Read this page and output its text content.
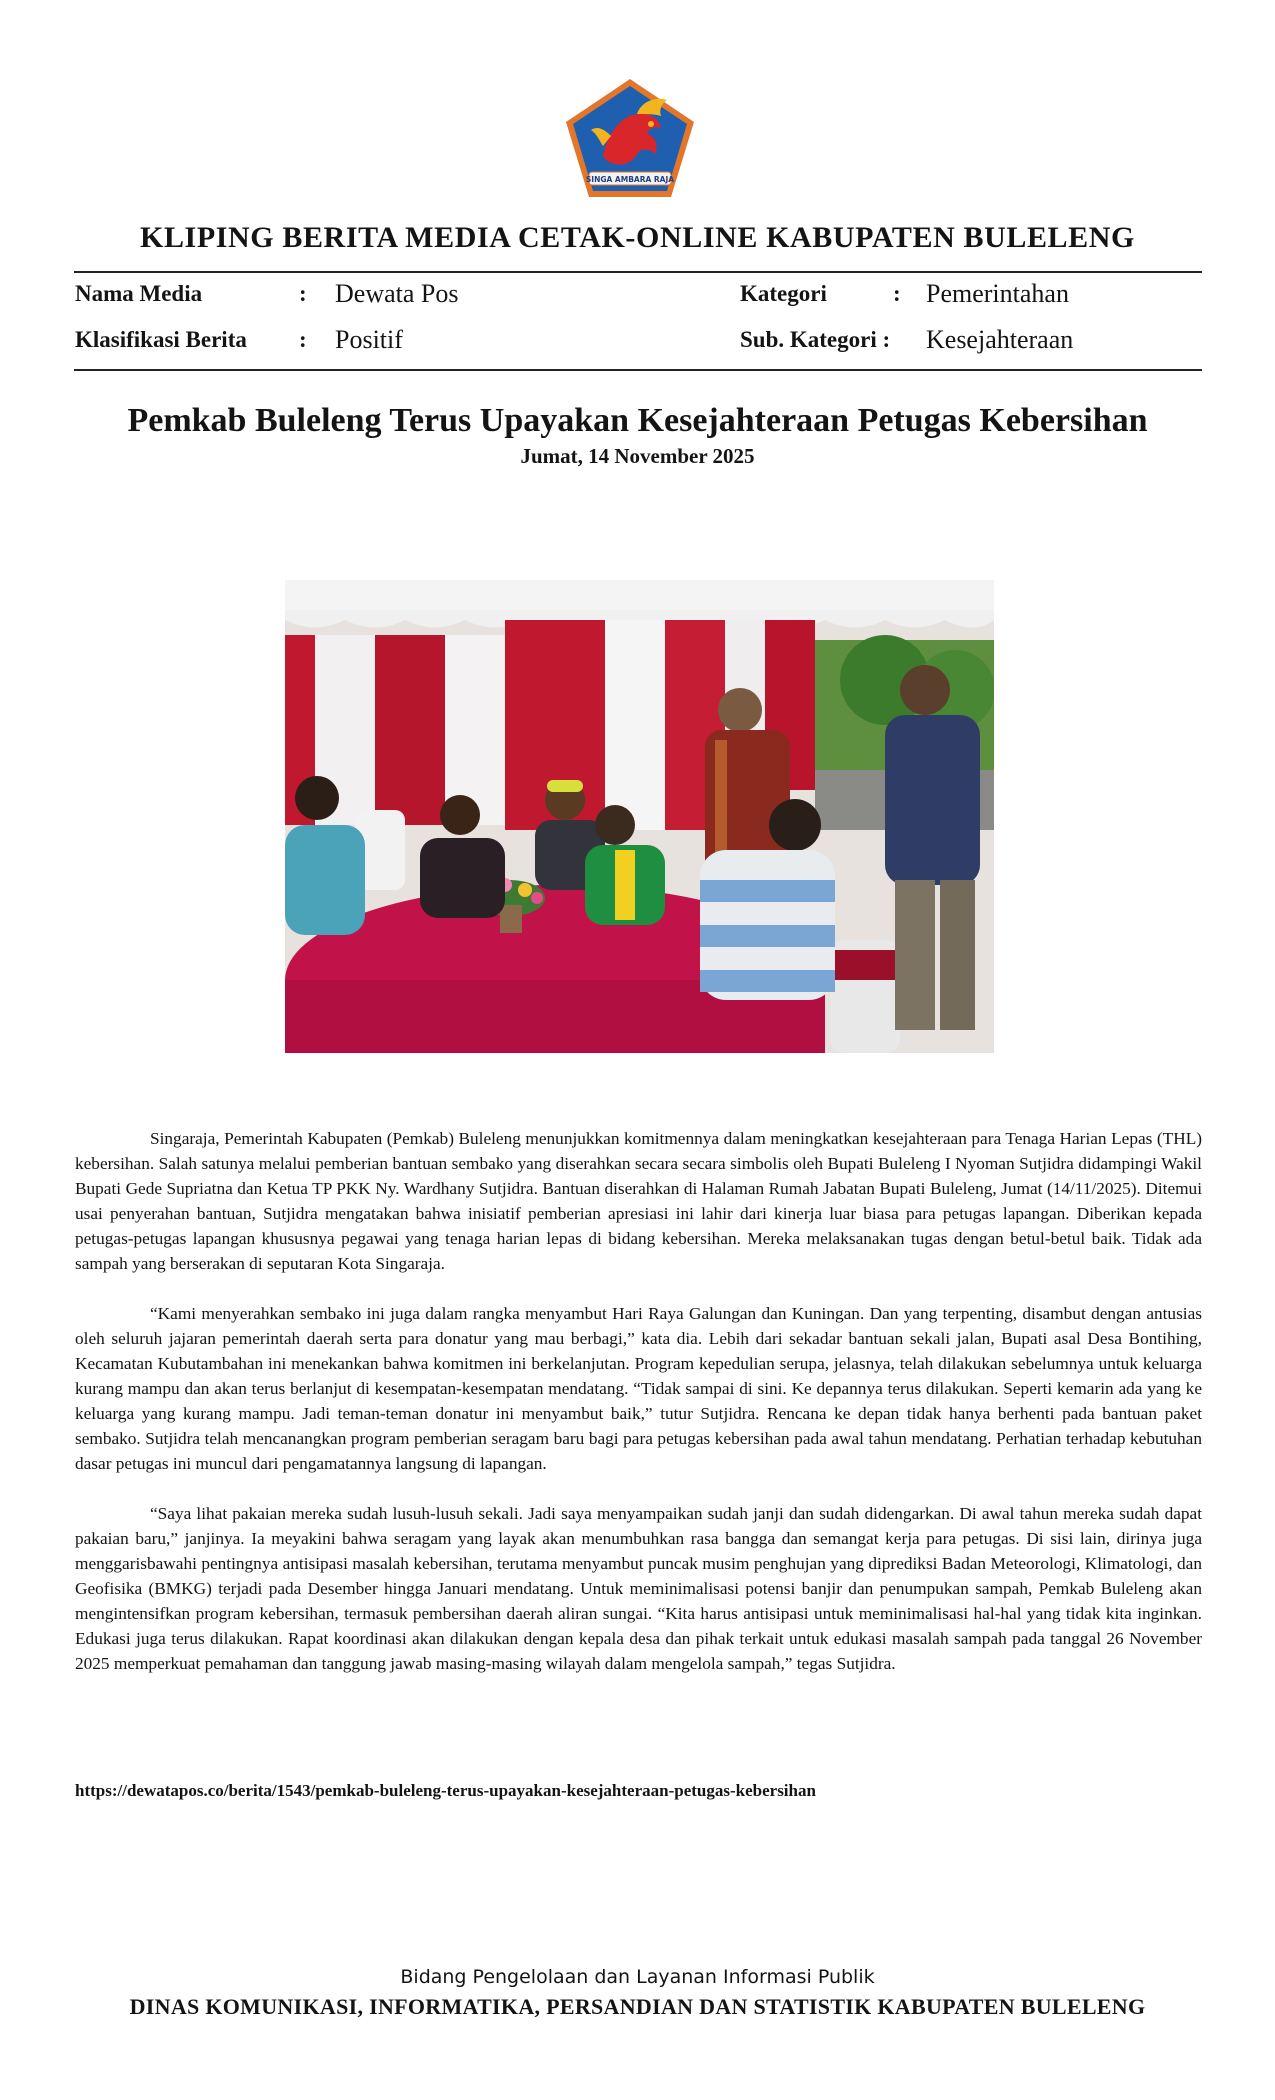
SINGA AMBARA RAJA
KLIPING BERITA MEDIA CETAK-ONLINE KABUPATEN BULELENG
Nama Media	: Dewata Pos	Kategori	: Pemerintahan
Klasifikasi Berita : Positif	Sub. Kategori : Kesejahteraan
Pemkab Buleleng Terus Upayakan Kesejahteraan Petugas Kebersihan
Jumat, 14 November 2025

Singaraja, Pemerintah Kabupaten (Pemkab) Buleleng menunjukkan komitmennya dalam meningkatkan kesejahteraan para Tenaga Harian Lepas (THL) kebersihan. Salah satunya melalui pemberian bantuan sembako yang diserahkan secara secara simbolis oleh Bupati Buleleng I Nyoman Sutjidra didampingi Wakil Bupati Gede Supriatna dan Ketua TP PKK Ny. Wardhany Sutjidra. Bantuan diserahkan di Halaman Rumah Jabatan Bupati Buleleng, Jumat (14/11/2025). Ditemui usai penyerahan bantuan, Sutjidra mengatakan bahwa inisiatif pemberian apresiasi ini lahir dari kinerja luar biasa para petugas lapangan. Diberikan kepada petugas-petugas lapangan khususnya pegawai yang tenaga harian lepas di bidang kebersihan. Mereka melaksanakan tugas dengan betul-betul baik. Tidak ada sampah yang berserakan di seputaran Kota Singaraja.

“Kami menyerahkan sembako ini juga dalam rangka menyambut Hari Raya Galungan dan Kuningan. Dan yang terpenting, disambut dengan antusias oleh seluruh jajaran pemerintah daerah serta para donatur yang mau berbagi,” kata dia. Lebih dari sekadar bantuan sekali jalan, Bupati asal Desa Bontihing, Kecamatan Kubutambahan ini menekankan bahwa komitmen ini berkelanjutan. Program kepedulian serupa, jelasnya, telah dilakukan sebelumnya untuk keluarga kurang mampu dan akan terus berlanjut di kesempatan-kesempatan mendatang. “Tidak sampai di sini. Ke depannya terus dilakukan. Seperti kemarin ada yang ke keluarga yang kurang mampu. Jadi teman-teman donatur ini menyambut baik,” tutur Sutjidra. Rencana ke depan tidak hanya berhenti pada bantuan paket sembako. Sutjidra telah mencanangkan program pemberian seragam baru bagi para petugas kebersihan pada awal tahun mendatang. Perhatian terhadap kebutuhan dasar petugas ini muncul dari pengamatannya langsung di lapangan.

“Saya lihat pakaian mereka sudah lusuh-lusuh sekali. Jadi saya menyampaikan sudah janji dan sudah didengarkan. Di awal tahun mereka sudah dapat pakaian baru,” janjinya. Ia meyakini bahwa seragam yang layak akan menumbuhkan rasa bangga dan semangat kerja para petugas. Di sisi lain, dirinya juga menggarisbawahi pentingnya antisipasi masalah kebersihan, terutama menyambut puncak musim penghujan yang diprediksi Badan Meteorologi, Klimatologi, dan Geofisika (BMKG) terjadi pada Desember hingga Januari mendatang. Untuk meminimalisasi potensi banjir dan penumpukan sampah, Pemkab Buleleng akan mengintensifkan program kebersihan, termasuk pembersihan daerah aliran sungai. “Kita harus antisipasi untuk meminimalisasi hal-hal yang tidak kita inginkan. Edukasi juga terus dilakukan. Rapat koordinasi akan dilakukan dengan kepala desa dan pihak terkait untuk edukasi masalah sampah pada tanggal 26 November 2025 memperkuat pemahaman dan tanggung jawab masing-masing wilayah dalam mengelola sampah,” tegas Sutjidra.

https://dewatapos.co/berita/1543/pemkab-buleleng-terus-upayakan-kesejahteraan-petugas-kebersihan
Bidang Pengelolaan dan Layanan Informasi Publik
DINAS KOMUNIKASI, INFORMATIKA, PERSANDIAN DAN STATISTIK KABUPATEN BULELENG
